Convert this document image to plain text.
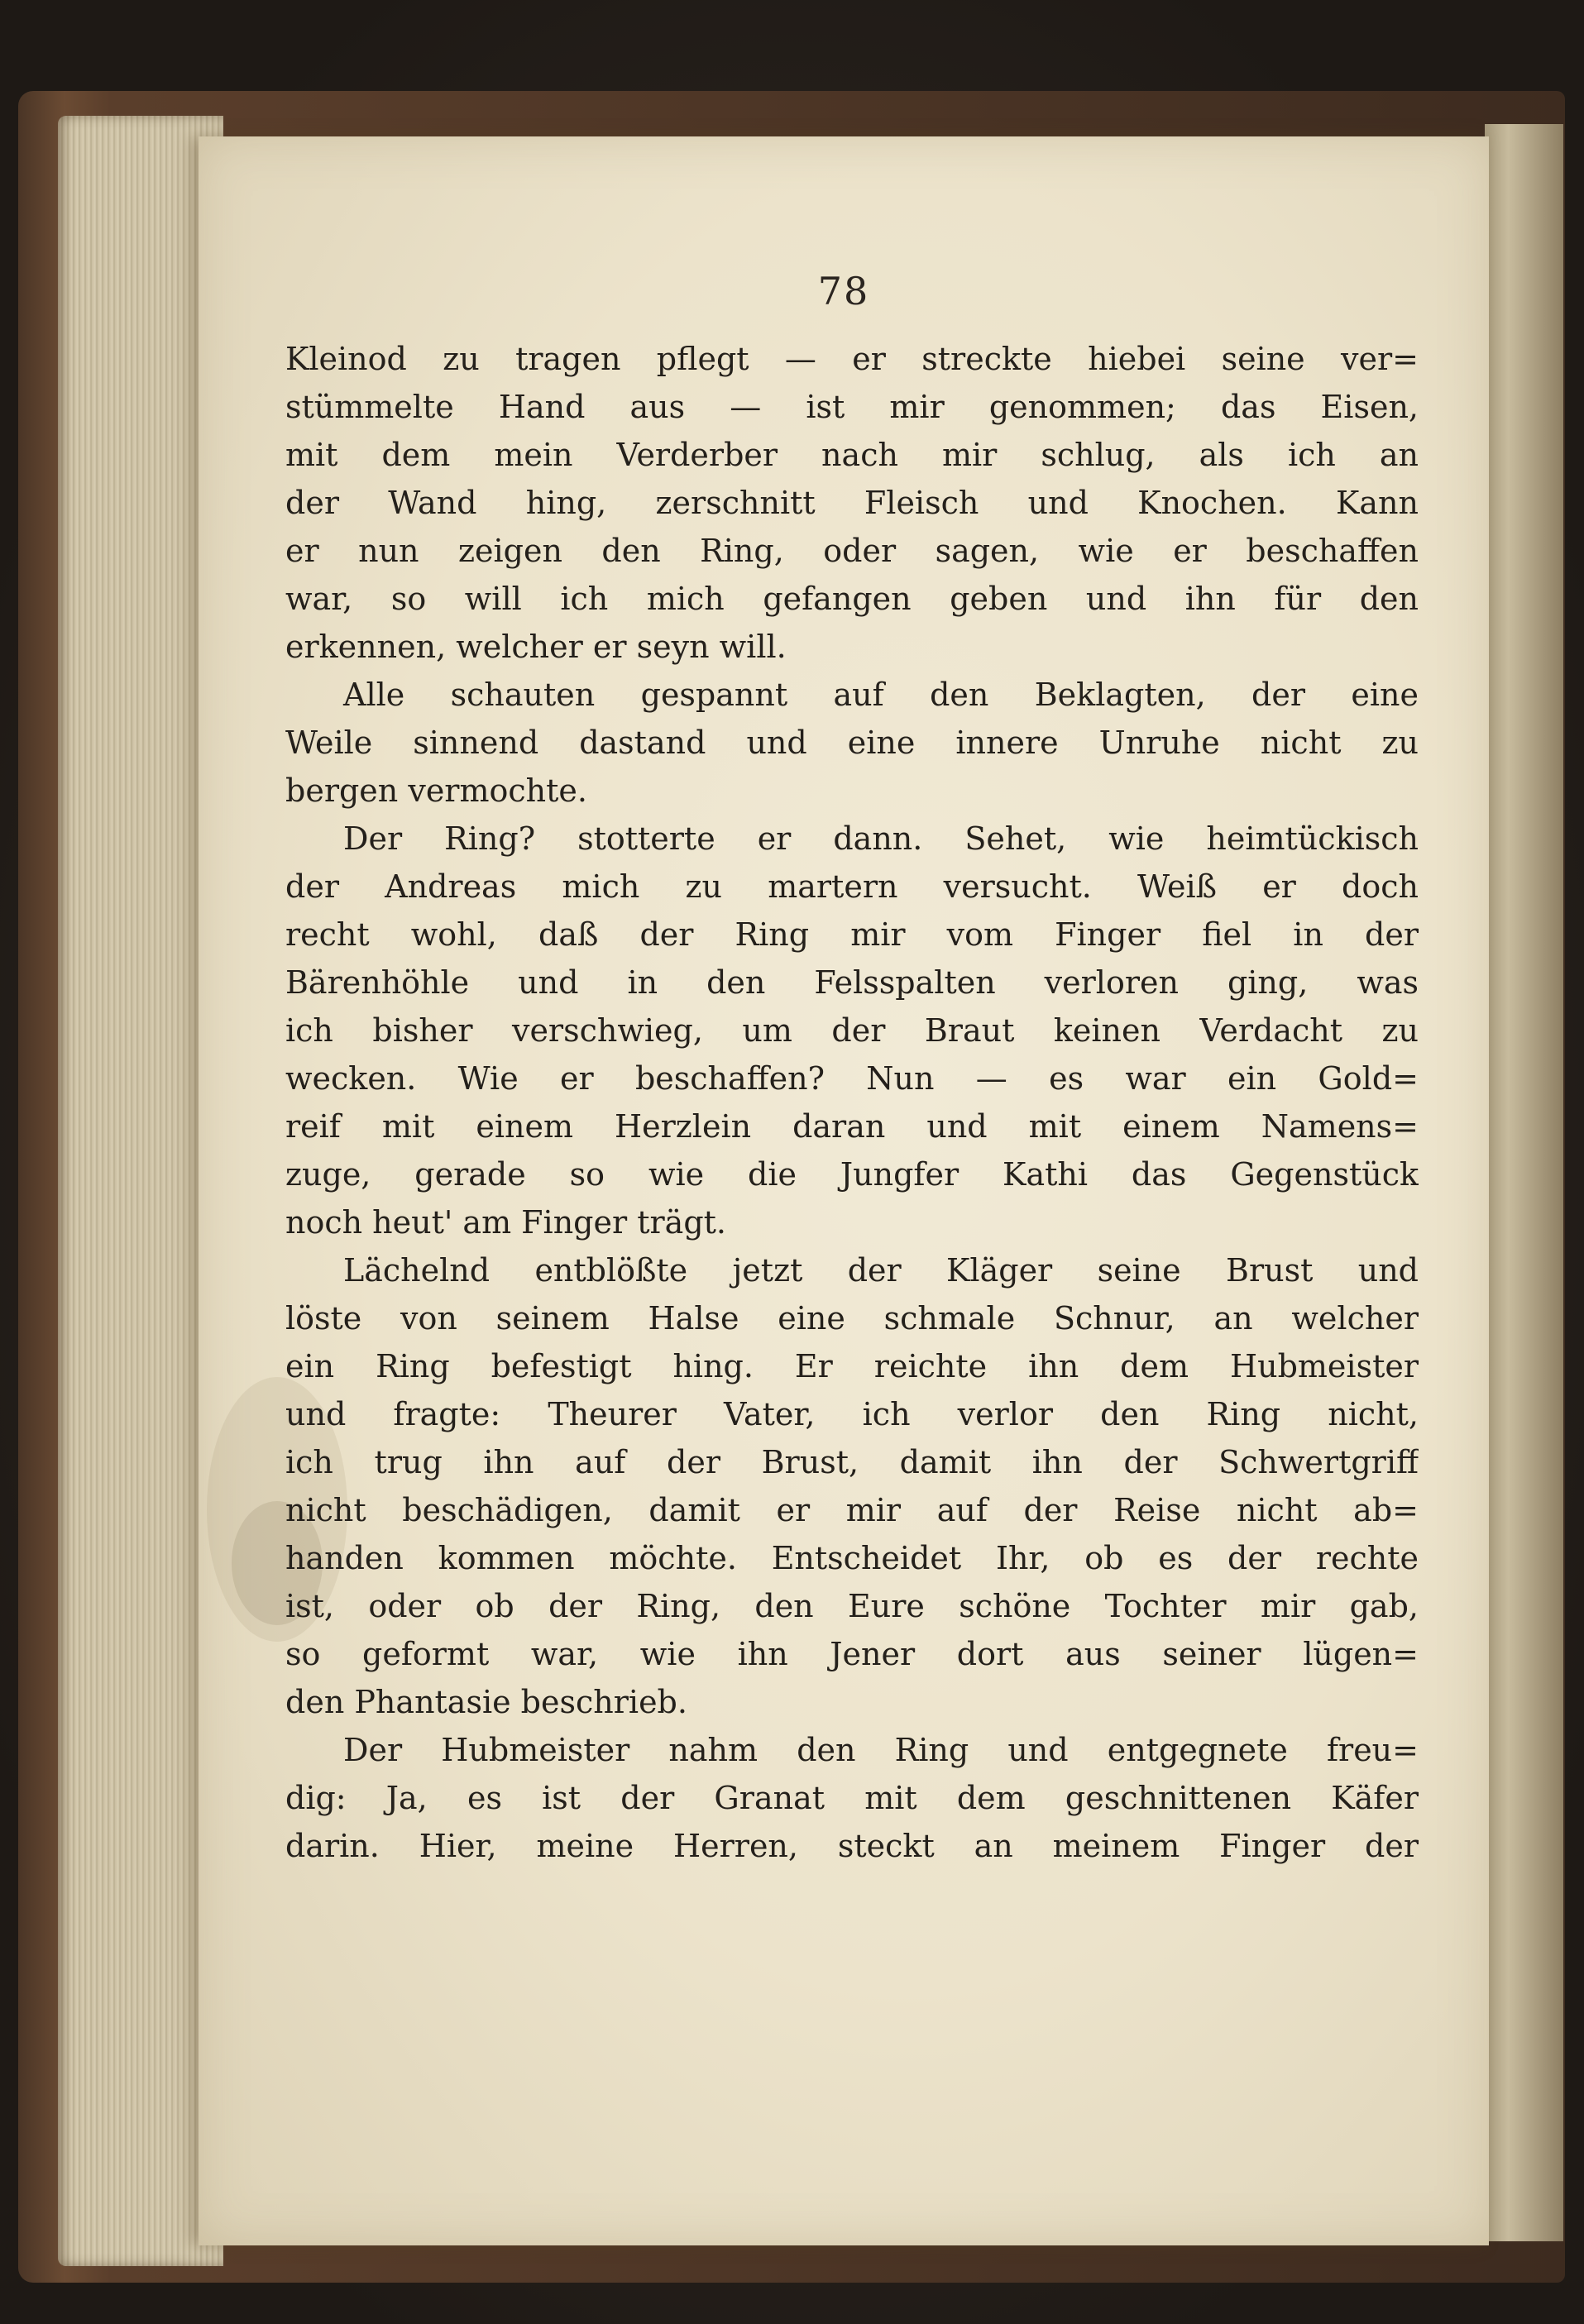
78
Kleinod zu tragen pflegt — er streckte hiebei seine ver=
stümmelte Hand aus — ist mir genommen; das Eisen,
mit dem mein Verderber nach mir schlug, als ich an
der Wand hing, zerschnitt Fleisch und Knochen. Kann
er nun zeigen den Ring, oder sagen, wie er beschaffen
war, so will ich mich gefangen geben und ihn für den
erkennen, welcher er seyn will.
Alle schauten gespannt auf den Beklagten, der eine
Weile sinnend dastand und eine innere Unruhe nicht zu
bergen vermochte.
Der Ring? stotterte er dann. Sehet, wie heimtückisch
der Andreas mich zu martern versucht. Weiß er doch
recht wohl, daß der Ring mir vom Finger fiel in der
Bärenhöhle und in den Felsspalten verloren ging, was
ich bisher verschwieg, um der Braut keinen Verdacht zu
wecken. Wie er beschaffen? Nun — es war ein Gold=
reif mit einem Herzlein daran und mit einem Namens=
zuge, gerade so wie die Jungfer Kathi das Gegenstück
noch heut' am Finger trägt.
Lächelnd entblößte jetzt der Kläger seine Brust und
löste von seinem Halse eine schmale Schnur, an welcher
ein Ring befestigt hing. Er reichte ihn dem Hubmeister
und fragte: Theurer Vater, ich verlor den Ring nicht,
ich trug ihn auf der Brust, damit ihn der Schwertgriff
nicht beschädigen, damit er mir auf der Reise nicht ab=
handen kommen möchte. Entscheidet Ihr, ob es der rechte
ist, oder ob der Ring, den Eure schöne Tochter mir gab,
so geformt war, wie ihn Jener dort aus seiner lügen=
den Phantasie beschrieb.
Der Hubmeister nahm den Ring und entgegnete freu=
dig: Ja, es ist der Granat mit dem geschnittenen Käfer
darin. Hier, meine Herren, steckt an meinem Finger der
